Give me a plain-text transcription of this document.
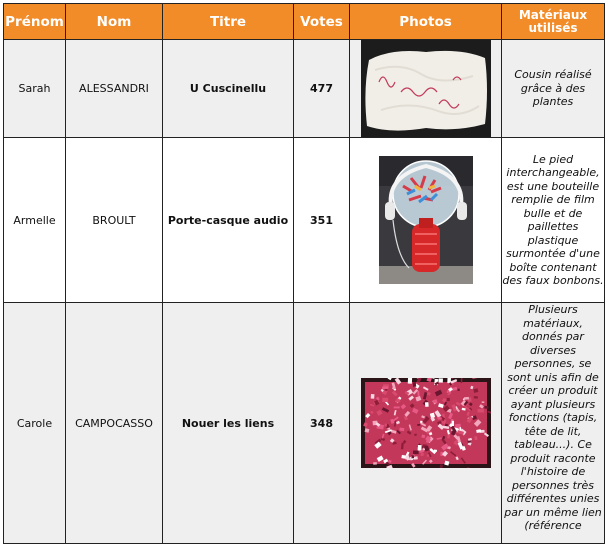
Prénom	Nom	Titre	Votes	Photos	Matériaux utilisés
Sarah	ALESSANDRI	U Cuscinellu	477		Cousin réalisé grâce à des plantes
Armelle	BROULT	Porte-casque audio	351		Le pied interchangeable, est une bouteille remplie de film bulle et de paillettes plastique surmontée d'une boîte contenant des faux bonbons.
Carole	CAMPOCASSO	Nouer les liens	348		Plusieurs matériaux, donnés par diverses personnes, se sont unis afin de créer un produit ayant plusieurs fonctions (tapis, tête de lit, tableau...). Ce produit raconte l'histoire de personnes très différentes unies par un même lien (référence
